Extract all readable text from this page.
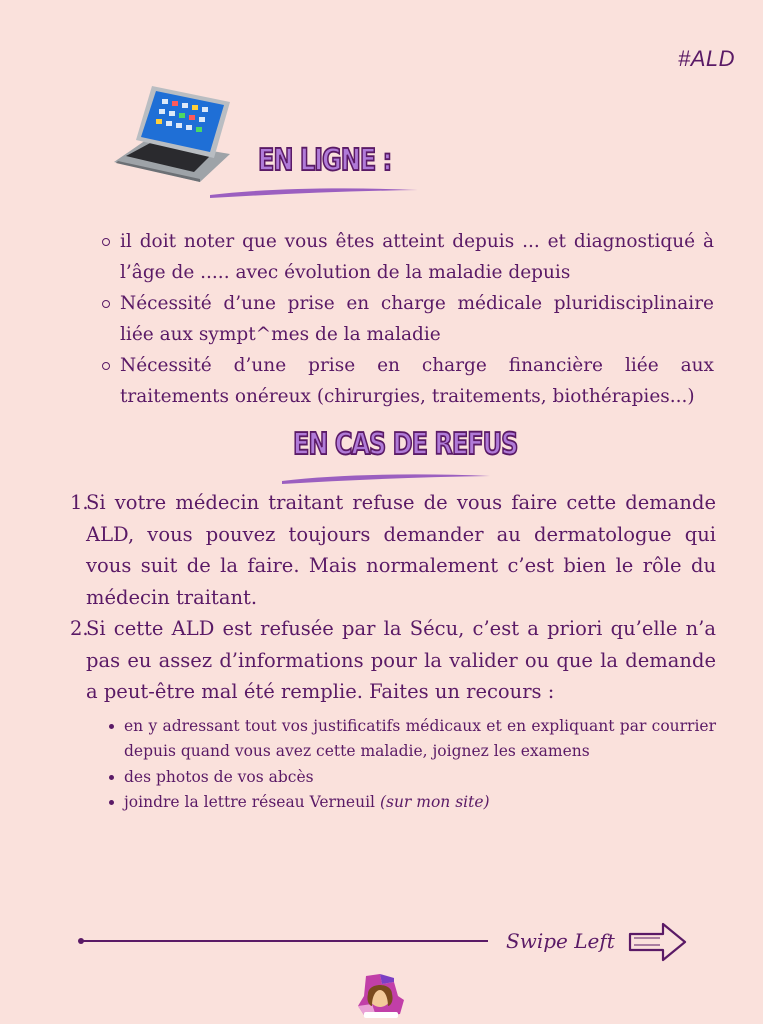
#ALD
EN LIGNE :
il doit noter que vous êtes atteint depuis ... et diagnostiqué à l’âge de ..... avec évolution de la maladie depuis
Nécessité d’une prise en charge médicale pluridisciplinaire liée aux sympt^mes de la maladie
Nécessité d’une prise en charge financière liée aux traitements onéreux (chirurgies, traitements, biothérapies...)
EN CAS DE REFUS
1.
Si votre médecin traitant refuse de vous faire cette demande ALD, vous pouvez toujours demander au dermatologue qui vous suit de la faire. Mais normalement c’est bien le rôle du médecin traitant.
2.
Si cette ALD est refusée par la Sécu, c’est a priori qu’elle n’a pas eu assez d’informations pour la valider ou que la demande a peut-être mal été remplie. Faites un recours :
en y adressant tout vos justificatifs médicaux et en expliquant par courrier depuis quand vous avez cette maladie, joignez les examens
des photos de vos abcès
joindre la lettre réseau Verneuil (sur mon site)
Swipe Left
